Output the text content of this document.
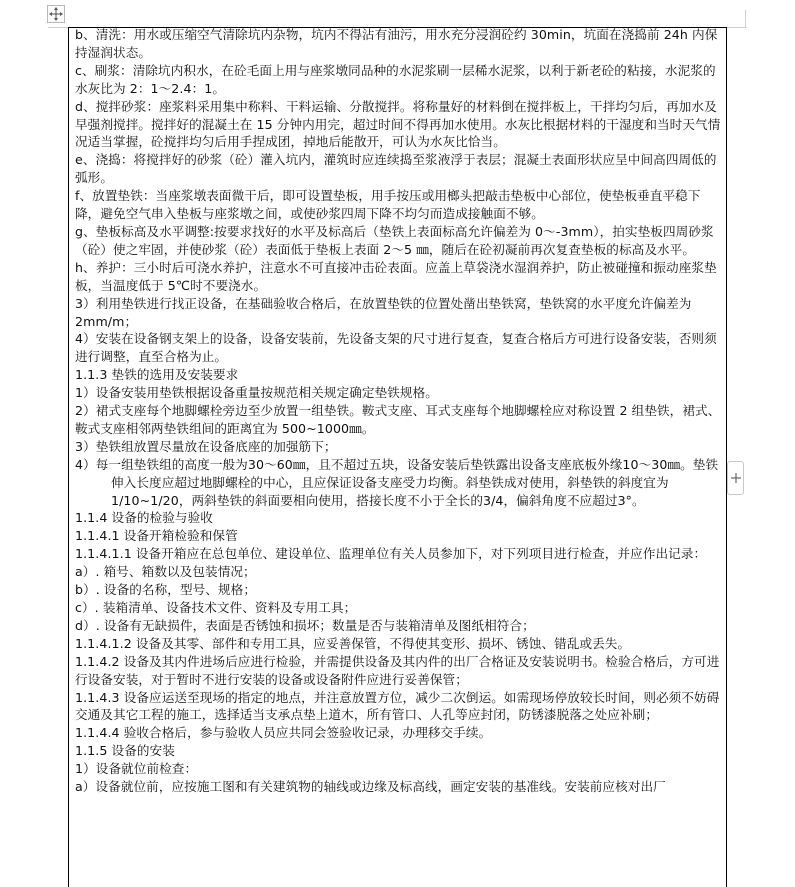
b、清洗：用水或压缩空气清除坑内杂物，坑内不得沾有油污，用水充分浸润砼约 30min，坑面在浇捣前 24h 内保持湿润状态。

c、刷浆：清除坑内积水，在砼毛面上用与座浆墩同品种的水泥浆刷一层稀水泥浆，以利于新老砼的粘接，水泥浆的水灰比为 2：1～2.4：1。

d、搅拌砂浆：座浆料采用集中称料、干料运输、分散搅拌。将称量好的材料倒在搅拌板上，干拌均匀后，再加水及早强剂搅拌。搅拌好的混凝土在 15 分钟内用完，超过时间不得再加水使用。水灰比根据材料的干湿度和当时天气情况适当掌握，砼搅拌均匀后用手捏成团，掉地后能散开，可认为水灰比恰当。

e、浇捣：将搅拌好的砂浆（砼）灌入坑内，灌筑时应连续捣至浆液浮于表层；混凝土表面形状应呈中间高四周低的弧形。

f、放置垫铁：当座浆墩表面微干后，即可设置垫板，用手按压或用榔头把敲击垫板中心部位，使垫板垂直平稳下降，避免空气串入垫板与座浆墩之间，或使砂浆四周下降不均匀而造成接触面不够。

g、垫板标高及水平调整:按要求找好的水平及标高后（垫铁上表面标高允许偏差为 0～-3mm），拍实垫板四周砂浆（砼）使之牢固，并使砂浆（砼）表面低于垫板上表面 2～5 ㎜，随后在砼初凝前再次复查垫板的标高及水平。

h、养护：三小时后可浇水养护，注意水不可直接冲击砼表面。应盖上草袋浇水湿润养护，防止被碰撞和振动座浆垫板，当温度低于 5℃时不要浇水。

3）利用垫铁进行找正设备，在基础验收合格后，在放置垫铁的位置处凿出垫铁窝，垫铁窝的水平度允许偏差为 2mm/m；

4）安装在设备钢支架上的设备，设备安装前，先设备支架的尺寸进行复查，复查合格后方可进行设备安装，否则须进行调整，直至合格为止。

1.1.3 垫铁的选用及安装要求

1）设备安装用垫铁根据设备重量按规范相关规定确定垫铁规格。

2）裙式支座每个地脚螺栓旁边至少放置一组垫铁。鞍式支座、耳式支座每个地脚螺栓应对称设置 2 组垫铁，裙式、鞍式支座相邻两垫铁组间的距离宜为 500~1000㎜。

3）垫铁组放置尽量放在设备底座的加强筋下；

4）每一组垫铁组的高度一般为30～60㎜，且不超过五块，设备安装后垫铁露出设备支座底板外缘10～30㎜。垫铁伸入长度应超过地脚螺栓的中心，且应保证设备支座受力均衡。斜垫铁成对使用，斜垫铁的斜度宜为1/10~1/20，两斜垫铁的斜面要相向使用，搭接长度不小于全长的3/4，偏斜角度不应超过3°。

1.1.4 设备的检验与验收

1.1.4.1 设备开箱检验和保管

1.1.4.1.1 设备开箱应在总包单位、建设单位、监理单位有关人员参加下，对下列项目进行检查，并应作出记录：

a）. 箱号、箱数以及包装情况；

b）. 设备的名称，型号、规格；

c）. 装箱清单、设备技术文件、资料及专用工具；

d）. 设备有无缺损件，表面是否锈蚀和损坏；数量是否与装箱清单及图纸相符合；

1.1.4.1.2 设备及其零、部件和专用工具，应妥善保管，不得使其变形、损坏、锈蚀、错乱或丢失。

1.1.4.2 设备及其内件进场后应进行检验，并需提供设备及其内件的出厂合格证及安装说明书。检验合格后，方可进行设备安装，对于暂时不进行安装的设备或设备附件应进行妥善保管；

1.1.4.3 设备应运送至现场的指定的地点，并注意放置方位，减少二次倒运。如需现场停放较长时间，则必须不妨碍交通及其它工程的施工，选择适当支承点垫上道木，所有管口、人孔等应封闭，防锈漆脱落之处应补刷；

1.1.4.4 验收合格后，参与验收人员应共同会签验收记录，办理移交手续。

1.1.5 设备的安装

1）设备就位前检查：

a）设备就位前，应按施工图和有关建筑物的轴线或边缘及标高线，画定安装的基准线。安装前应核对出厂
